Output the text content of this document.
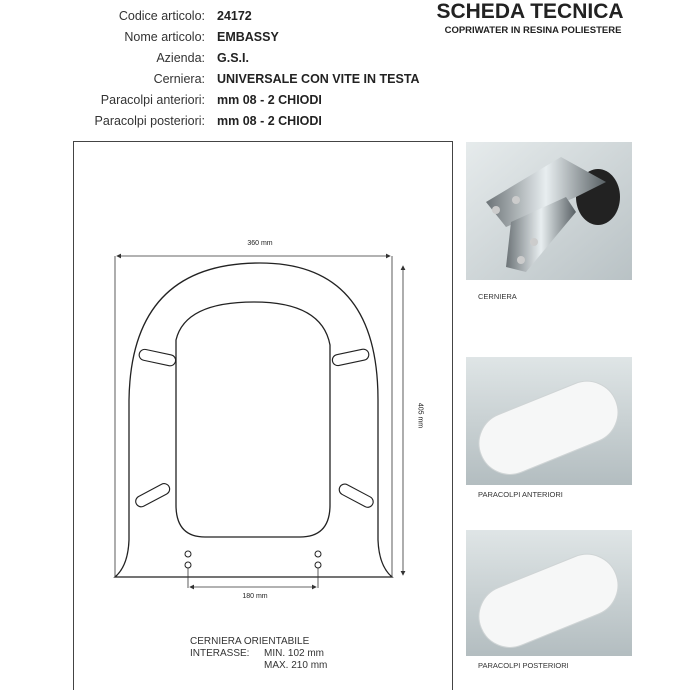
SCHEDA TECNICA
COPRIWATER IN RESINA POLIESTERE
Codice articolo: 24172
Nome articolo: EMBASSY
Azienda: G.S.I.
Cerniera: UNIVERSALE CON VITE IN TESTA
Paracolpi anteriori: mm 08 - 2 CHIODI
Paracolpi posteriori: mm 08 - 2 CHIODI
360 mm
405 mm
180 mm
CERNIERA ORIENTABILE
INTERASSE: MIN. 102 mm
MAX. 210 mm
CERNIERA
PARACOLPI ANTERIORI
PARACOLPI POSTERIORI
